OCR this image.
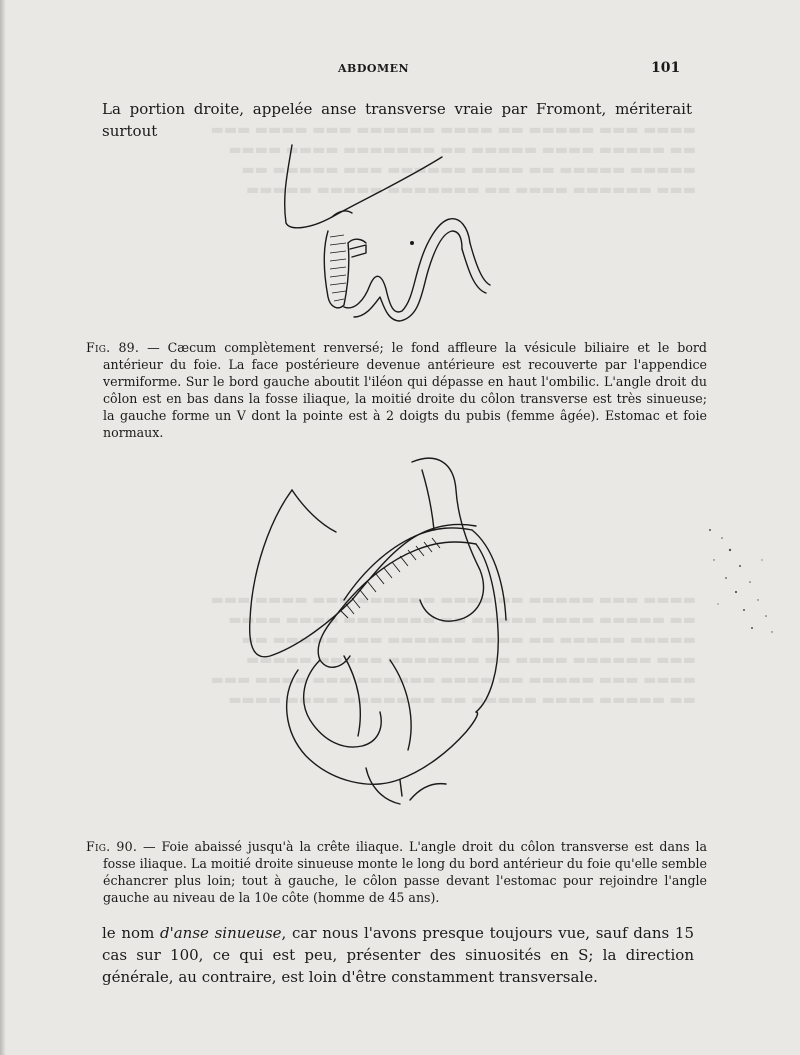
▬▬▬▬ ▬▬▬ ▬▬▬▬▬ ▬▬ ▬▬▬▬ ▬▬▬▬▬▬ ▬▬▬ ▬▬▬▬ ▬▬▬
▬▬ ▬▬▬▬▬ ▬▬▬▬ ▬▬▬▬▬ ▬▬ ▬▬▬▬▬▬▬ ▬▬▬▬ ▬▬▬▬
▬▬▬▬▬ ▬▬▬▬▬ ▬▬ ▬▬▬▬ ▬▬▬▬▬▬ ▬▬▬ ▬▬▬▬▬ ▬▬
▬▬▬ ▬▬▬▬▬▬ ▬▬▬▬ ▬▬ ▬▬▬▬▬▬▬ ▬▬▬▬▬ ▬▬▬▬▬
▬▬▬▬ ▬▬▬ ▬▬▬▬▬ ▬▬ ▬▬▬▬ ▬▬▬▬▬▬ ▬▬▬ ▬▬▬▬ ▬▬▬
▬▬ ▬▬▬▬▬ ▬▬▬▬ ▬▬▬▬▬ ▬▬ ▬▬▬▬▬▬▬ ▬▬▬▬ ▬▬▬▬
▬▬▬▬▬ ▬▬▬▬▬ ▬▬ ▬▬▬▬ ▬▬▬▬▬▬ ▬▬▬ ▬▬▬▬▬ ▬▬
▬▬▬ ▬▬▬▬▬▬ ▬▬▬▬ ▬▬ ▬▬▬▬▬▬▬ ▬▬▬▬▬ ▬▬▬▬▬
▬▬▬▬ ▬▬▬ ▬▬▬▬▬ ▬▬ ▬▬▬▬ ▬▬▬▬▬▬ ▬▬▬ ▬▬▬▬ ▬▬▬
▬▬ ▬▬▬▬▬ ▬▬▬▬ ▬▬▬▬▬ ▬▬ ▬▬▬▬▬▬▬ ▬▬▬▬ ▬▬▬▬
ABDOMEN	101

La portion droite, appelée anse transverse vraie par Fromont, mériterait surtout

Fig. 89. — Cæcum complètement renversé; le fond affleure la vésicule biliaire et le bord antérieur du foie. La face postérieure devenue antérieure est recouverte par l'appendice vermiforme. Sur le bord gauche aboutit l'iléon qui dépasse en haut l'ombilic. L'angle droit du côlon est en bas dans la fosse iliaque, la moitié droite du côlon transverse est très sinueuse; la gauche forme un V dont la pointe est à 2 doigts du pubis (femme âgée). Estomac et foie normaux.

Fig. 90. — Foie abaissé jusqu'à la crête iliaque. L'angle droit du côlon transverse est dans la fosse iliaque. La moitié droite sinueuse monte le long du bord antérieur du foie qu'elle semble échancrer plus loin; tout à gauche, le côlon passe devant l'estomac pour rejoindre l'angle gauche au niveau de la 10e côte (homme de 45 ans).

le nom d'anse sinueuse, car nous l'avons presque toujours vue, sauf dans 15 cas sur 100, ce qui est peu, présenter des sinuosités en S; la direction générale, au contraire, est loin d'être constamment transversale.
